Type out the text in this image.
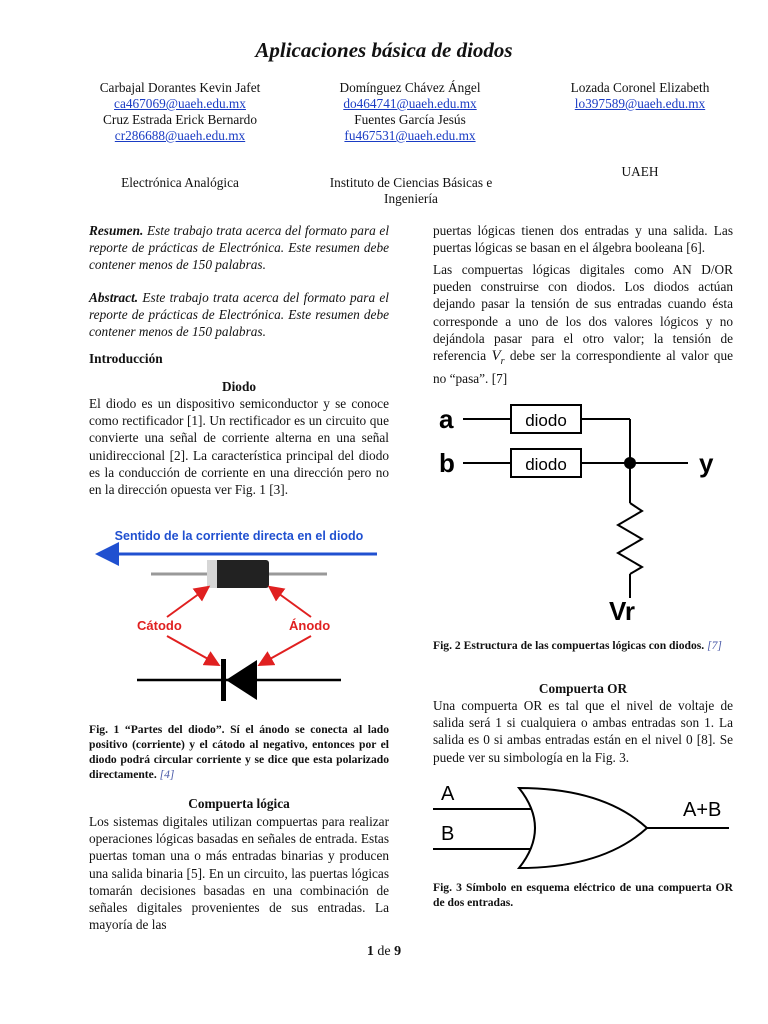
Aplicaciones básica de diodos
Carbajal Dorantes Kevin Jafet
ca467069@uaeh.edu.mx
Cruz Estrada Erick Bernardo
cr286688@uaeh.edu.mx
Domínguez Chávez Ángel
do464741@uaeh.edu.mx
Fuentes García Jesús
fu467531@uaeh.edu.mx
Lozada Coronel Elizabeth
lo397589@uaeh.edu.mx
Electrónica Analógica	Instituto de Ciencias Básicas e Ingeniería
UAEH

Resumen. Este trabajo trata acerca del formato para el reporte de prácticas de Electrónica. Este resumen debe contener menos de 150 palabras.

Abstract. Este trabajo trata acerca del formato para el reporte de prácticas de Electrónica. Este resumen debe contener menos de 150 palabras.

Introducción
Diodo
El diodo es un dispositivo semiconductor y se conoce como rectificador [1]. Un rectificador es un circuito que convierte una señal de corriente alterna en una señal unidireccional [2]. La característica principal del diodo es la conducción de corriente en una dirección pero no en la dirección opuesta ver Fig. 1 [3].
Sentido de la corriente directa en el diodo
Cátodo	Ánodo
Fig. 1 “Partes del diodo”. Sí el ánodo se conecta al lado positivo (corriente) y el cátodo al negativo, entonces por el diodo podrá circular corriente y se dice que esta polarizado directamente. [4]
Compuerta lógica
Los sistemas digitales utilizan compuertas para realizar operaciones lógicas basadas en señales de entrada. Estas puertas toman una o más entradas binarias y producen una salida binaria [5]. En un circuito, las puertas lógicas tomarán decisiones basadas en una combinación de señales digitales provenientes de sus entradas. La mayoría de las
puertas lógicas tienen dos entradas y una salida. Las puertas lógicas se basan en el álgebra booleana [6].
Las compuertas lógicas digitales como AN D/OR pueden construirse con diodos. Los diodos actúan dejando pasar la tensión de sus entradas cuando ésta corresponde a uno de los dos valores lógicos y no dejándola pasar para el otro valor; la tensión de referencia $V_r$ debe ser la correspondiente al valor que no “pasa”. [7]
a
b
diodo
diodo	y
Vr
Fig. 2 Estructura de las compuertas lógicas con diodos. [7]
Compuerta OR
Una compuerta OR es tal que el nivel de voltaje de salida será 1 si cualquiera o ambas entradas son 1. La salida es 0 si ambas entradas están en el nivel 0 [8]. Se puede ver su simbología en la Fig. 3.
A
B
A+B
Fig. 3 Símbolo en esquema eléctrico de una compuerta OR de dos entradas.
1 de 9
